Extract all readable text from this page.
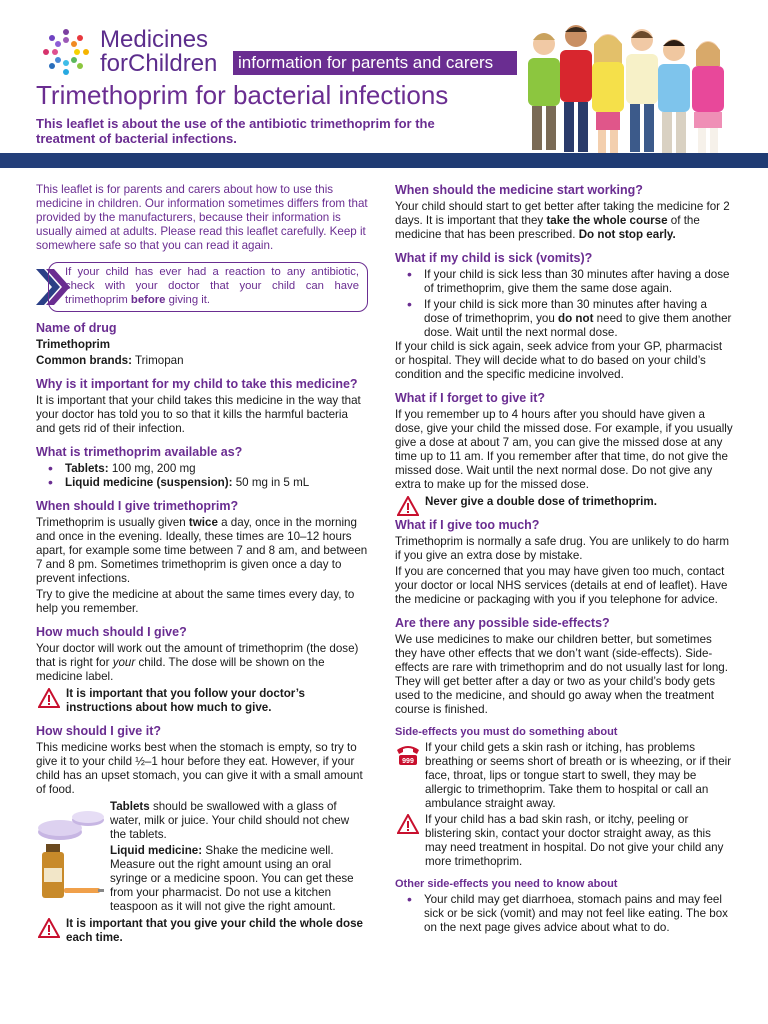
Medicines
forChildren information for parents and carers
Trimethoprim for bacterial infections
This leaflet is about the use of the antibiotic trimethoprim for the treatment of bacterial infections.

This leaflet is for parents and carers about how to use this medicine in children. Our information sometimes differs from that provided by the manufacturers, because their information is usually aimed at adults. Please read this leaflet carefully. Keep it somewhere safe so that you can read it again.

If your child has ever had a reaction to any antibiotic, check with your doctor that your child can have trimethoprim before giving it.
Name of drug

Trimethoprim

Common brands: Trimopan

Why is it important for my child to take this medicine?

It is important that your child takes this medicine in the way that your doctor has told you to so that it kills the harmful bacteria and gets rid of their infection.

What is trimethoprim available as?
• Tablets: 100 mg, 200 mg
• Liquid medicine (suspension): 50 mg in 5 mL
When should I give trimethoprim?

Trimethoprim is usually given twice a day, once in the morning and once in the evening. Ideally, these times are 10–12 hours apart, for example some time between 7 and 8 am, and between 7 and 8 pm. Sometimes trimethoprim is given once a day to prevent infections.

Try to give the medicine at about the same times every day, to help you remember.

How much should I give?

Your doctor will work out the amount of trimethoprim (the dose) that is right for your child. The dose will be shown on the medicine label.

It is important that you follow your doctor’s instructions about how much to give.
How should I give it?

This medicine works best when the stomach is empty, so try to give it to your child ½–1 hour before they eat. However, if your child has an upset stomach, you can give it with a small amount of food.

Tablets should be swallowed with a glass of water, milk or juice. Your child should not chew the tablets.

Liquid medicine: Shake the medicine well. Measure out the right amount using an oral syringe or a medicine spoon. You can get these from your pharmacist. Do not use a kitchen teaspoon as it will not give the right amount.

It is important that you give your child the whole dose each time.
When should the medicine start working?

Your child should start to get better after taking the medicine for 2 days. It is important that they take the whole course of the medicine that has been prescribed. Do not stop early.

What if my child is sick (vomits)?
• If your child is sick less than 30 minutes after having a dose of trimethoprim, give them the same dose again.
• If your child is sick more than 30 minutes after having a dose of trimethoprim, you do not need to give them another dose. Wait until the next normal dose.

If your child is sick again, seek advice from your GP, pharmacist or hospital. They will decide what to do based on your child’s condition and the specific medicine involved.

What if I forget to give it?

If you remember up to 4 hours after you should have given a dose, give your child the missed dose. For example, if you usually give a dose at about 7 am, you can give the missed dose at any time up to 11 am. If you remember after that time, do not give the missed dose. Wait until the next normal dose. Do not give any extra to make up for the missed dose.

Never give a double dose of trimethoprim.
What if I give too much?

Trimethoprim is normally a safe drug. You are unlikely to do harm if you give an extra dose by mistake.

If you are concerned that you may have given too much, contact your doctor or local NHS services (details at end of leaflet). Have the medicine or packaging with you if you telephone for advice.

Are there any possible side-effects?

We use medicines to make our children better, but sometimes they have other effects that we don’t want (side-effects). Side-effects are rare with trimethoprim and do not usually last for long. They will get better after a day or two as your child’s body gets used to the medicine, and should go away when the treatment course is finished.

Side-effects you must do something about
999
If your child gets a skin rash or itching, has problems breathing or seems short of breath or is wheezing, or if their face, throat, lips or tongue start to swell, they may be allergic to trimethoprim. Take them to hospital or call an ambulance straight away.
If your child has a bad skin rash, or itchy, peeling or blistering skin, contact your doctor straight away, as this may need treatment in hospital. Do not give your child any more trimethoprim.
Other side-effects you need to know about
• Your child may get diarrhoea, stomach pains and may feel sick or be sick (vomit) and may not feel like eating. The box on the next page gives advice about what to do.
